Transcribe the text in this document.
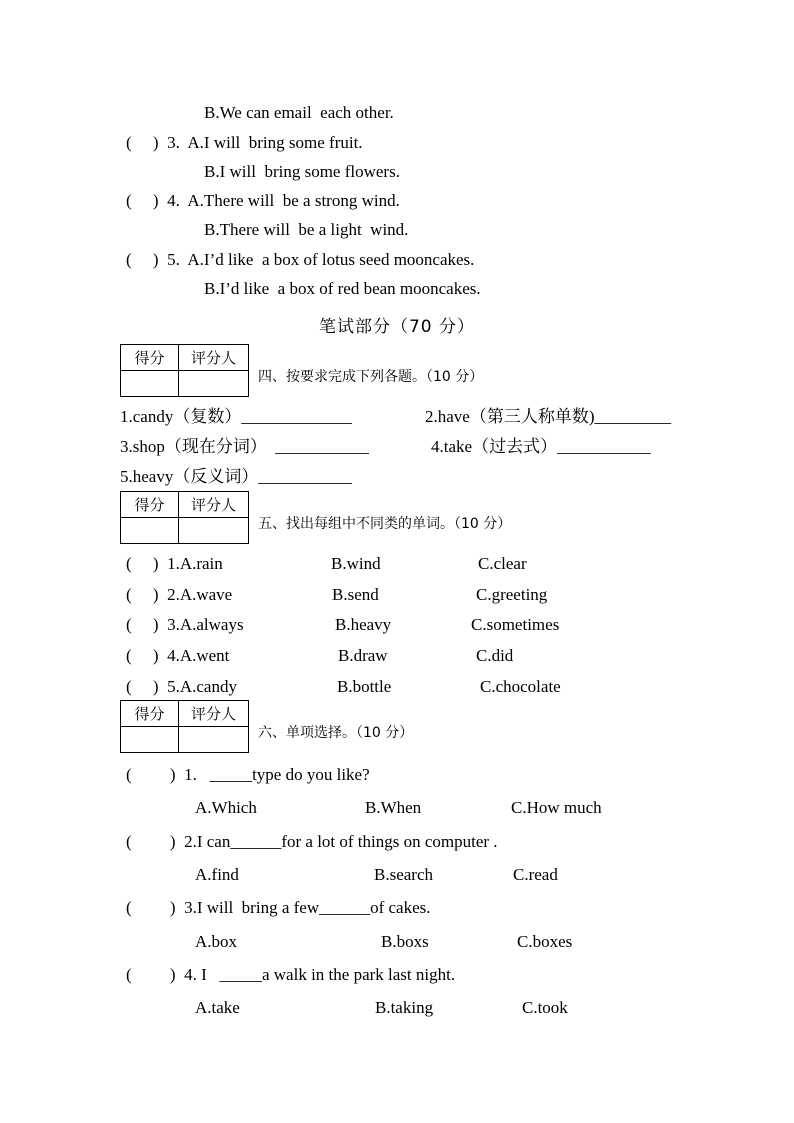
B.We can email  each other.
(     )  3.  A.I will  bring some fruit.
B.I will  bring some flowers.
(     )  4.  A.There will  be a strong wind.
B.There will  be a light  wind.
(     )  5.  A.I’d like  a box of lotus seed mooncakes.
B.I’d like  a box of red bean mooncakes.
笔试部分（70 分）
得分	评分人

四、按要求完成下列各题。（10 分）
1.candy（复数）_____________	2.have（第三人称单数)_________
3.shop（现在分词）  ___________	4.take（过去式）___________
5.heavy（反义词）___________
得分	评分人

五、找出每组中不同类的单词。（10 分）
(     )  1.A.rain	B.wind	C.clear
(     )  2.A.wave	B.send	C.greeting
(     )  3.A.always	B.heavy	C.sometimes
(     )  4.A.went	B.draw	C.did
(     )  5.A.candy	B.bottle	C.chocolate
得分	评分人

六、单项选择。（10 分）
(         )  1.   _____type do you like?
A.Which	B.When	C.How much
(         )  2.I can______for a lot of things on computer .
A.find	B.search	C.read
(         )  3.I will  bring a few______of cakes.
A.box	B.boxs	C.boxes
(         )  4. I   _____a walk in the park last night.
A.take	B.taking	C.took
